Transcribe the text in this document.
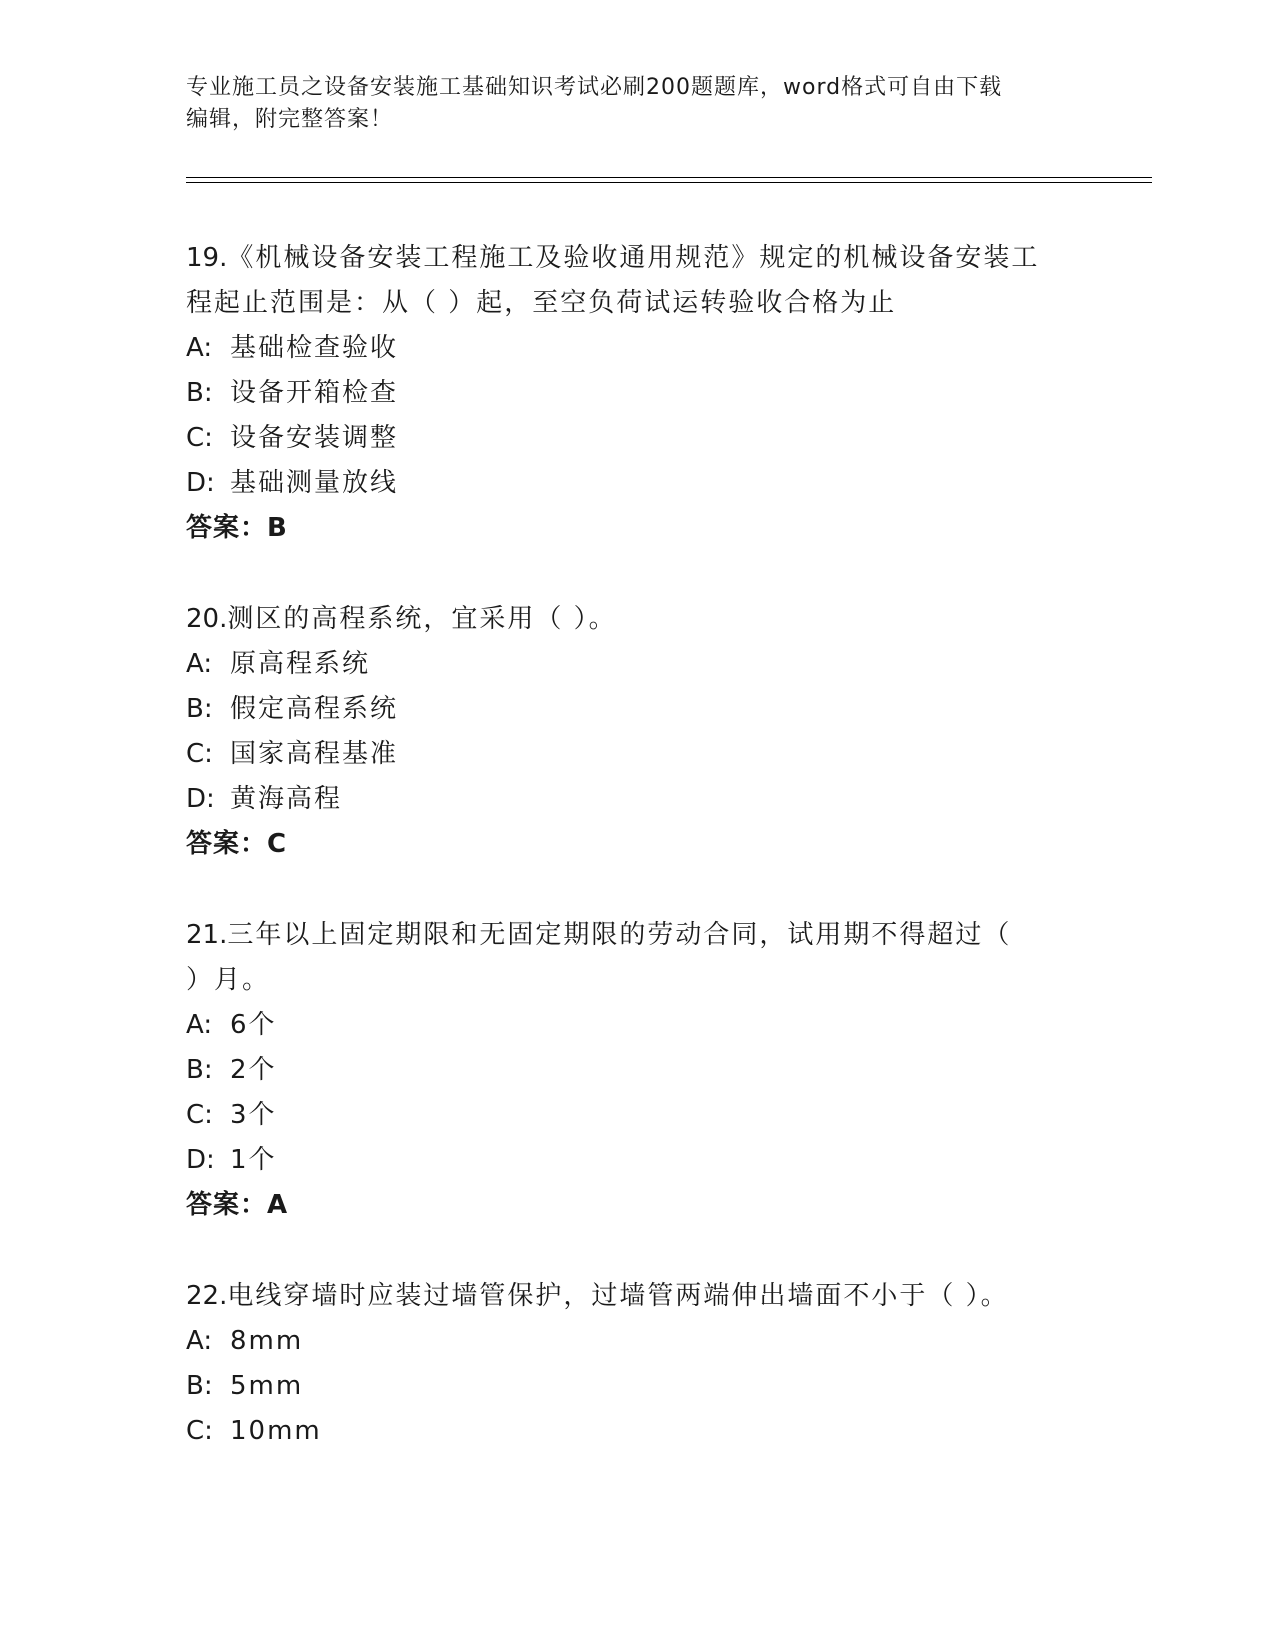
专业施工员之设备安装施工基础知识考试必刷200题题库，word格式可自由下载
编辑，附完整答案！
19.《机械设备安装工程施工及验收通用规范》规定的机械设备安装工
程起止范围是：从（ ）起，至空负荷试运转验收合格为止
A: 基础检查验收
B: 设备开箱检查
C: 设备安装调整
D: 基础测量放线
答案：B
20.测区的高程系统，宜采用（ ）。
A: 原高程系统
B: 假定高程系统
C: 国家高程基准
D: 黄海高程
答案：C
21.三年以上固定期限和无固定期限的劳动合同，试用期不得超过（
）月。
A: 6个
B: 2个
C: 3个
D: 1个
答案：A
22.电线穿墙时应装过墙管保护，过墙管两端伸出墙面不小于（ ）。
A: 8mm
B: 5mm
C: 10mm
